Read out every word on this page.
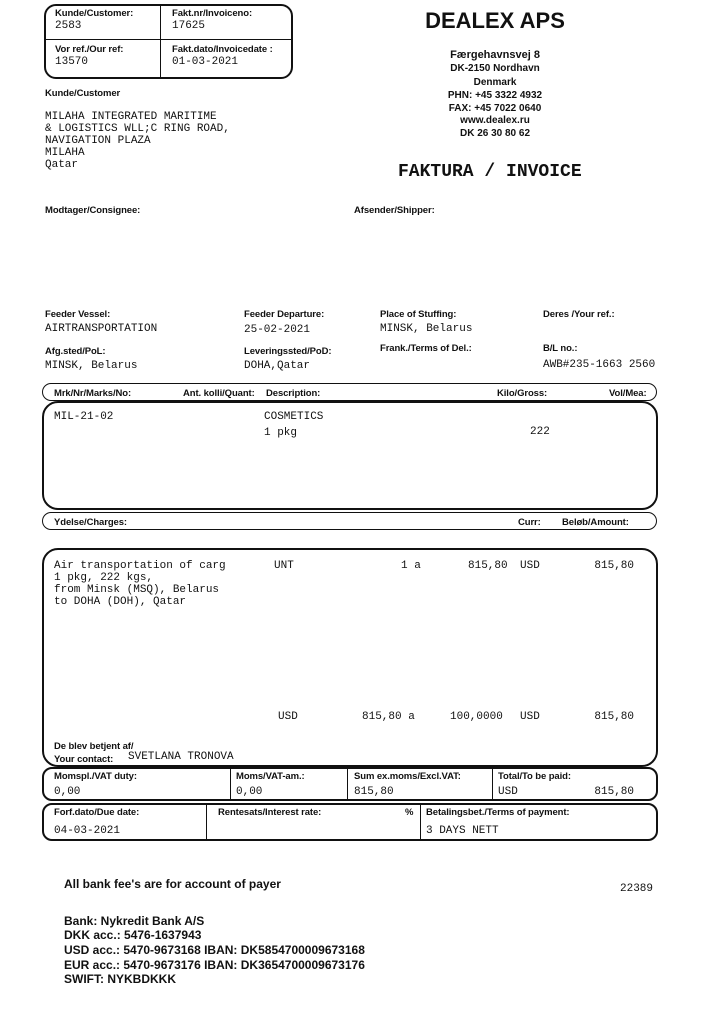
Kunde/Customer:
2583
Fakt.nr/Invoiceno:
17625
Vor ref./Our ref:
13570
Fakt.dato/Invoicedate :
01-03-2021
DEALEX APS
Færgehavnsvej 8
DK-2150 Nordhavn
Denmark
PHN: +45 3322 4932
FAX: +45 7022 0640
www.dealex.ru
DK 26 30 80 62
FAKTURA / INVOICE
Kunde/Customer
MILAHA INTEGRATED MARITIME
& LOGISTICS WLL;C RING ROAD,
NAVIGATION PLAZA
MILAHA
Qatar
Modtager/Consignee:	Afsender/Shipper:
Feeder Vessel:
AIRTRANSPORTATION
Feeder Departure:
25-02-2021
Place of Stuffing:
MINSK, Belarus
Deres /Your ref.:
Afg.sted/PoL:
MINSK, Belarus
Leveringssted/PoD:
DOHA,Qatar
Frank./Terms of Del.:	B/L no.:
AWB#235-1663 2560
Mrk/Nr/Marks/No:	Ant. kolli/Quant: Description:	Kilo/Gross:	Vol/Mea:
MIL-21-02	COSMETICS
1 pkg	222
Ydelse/Charges:	Curr: Beløb/Amount:
Air transportation of carg
1 pkg, 222 kgs,
from Minsk (MSQ), Belarus
to DOHA (DOH), Qatar
UNT	1 a	815,80 USD	815,80
USD	815,80 a	100,0000 USD	815,80
De blev betjent af/
Your contact: SVETLANA TRONOVA
Momspl./VAT duty:
0,00
Moms/VAT-am.:
0,00
Sum ex.moms/Excl.VAT:
815,80
Total/To be paid:
USD	815,80
Forf.dato/Due date:
04-03-2021
Rentesats/Interest rate:	% Betalingsbet./Terms of payment:
3 DAYS NETT
All bank fee's are for account of payer	22389
Bank: Nykredit Bank A/S
DKK acc.: 5476-1637943
USD acc.: 5470-9673168 IBAN: DK5854700009673168
EUR acc.: 5470-9673176 IBAN: DK3654700009673176
SWIFT: NYKBDKKK
